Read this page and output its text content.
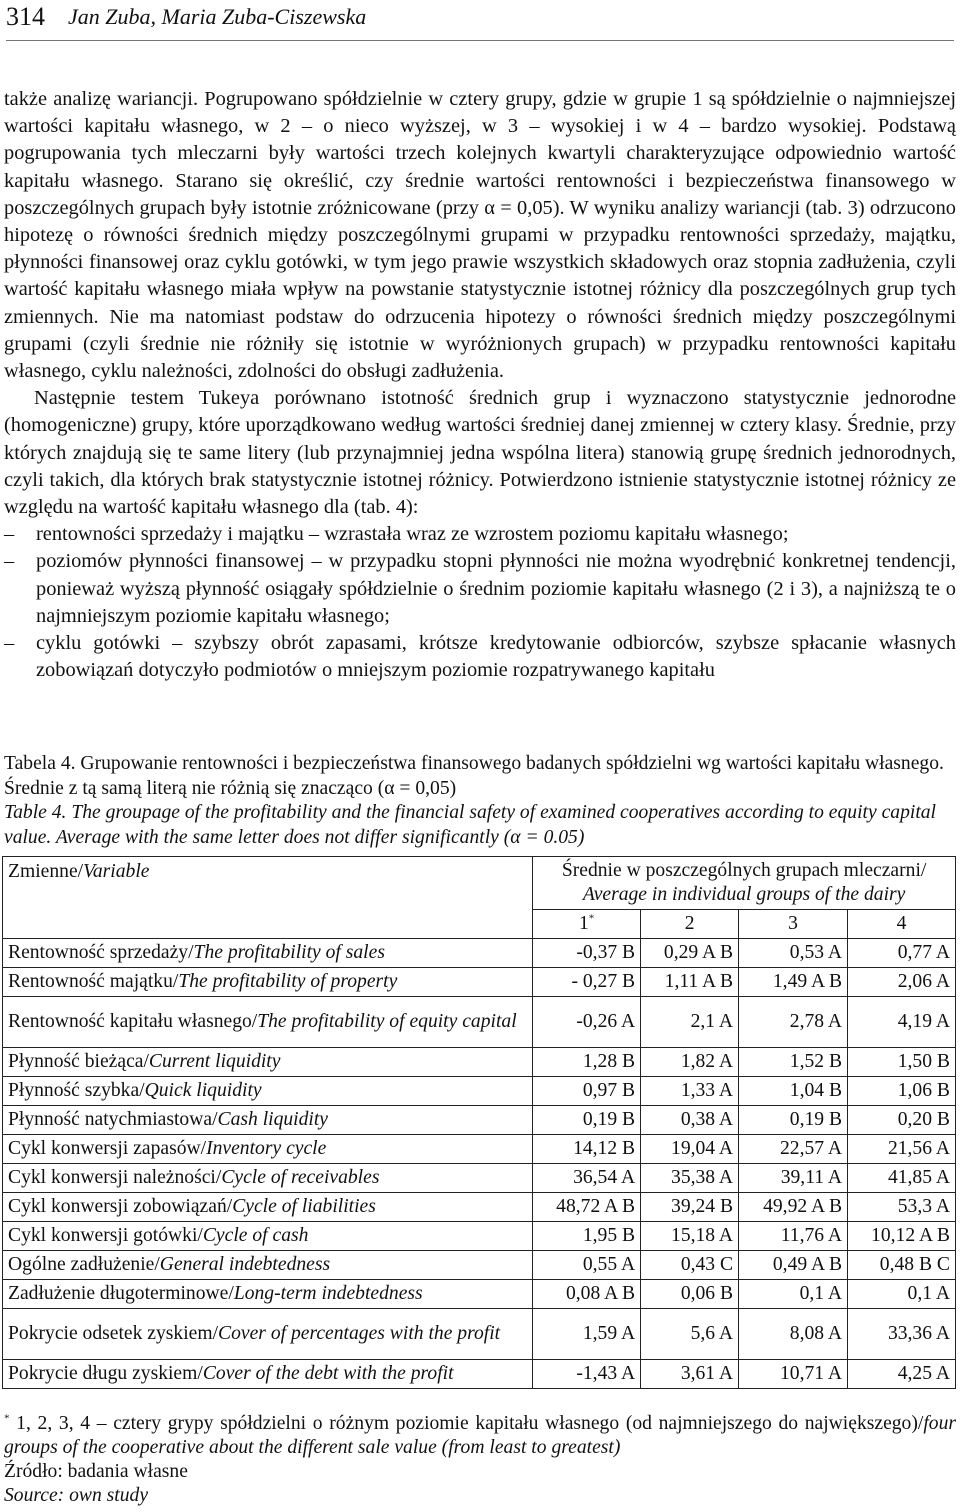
314 Jan Zuba, Maria Zuba-Ciszewska

także analizę wariancji. Pogrupowano spółdzielnie w cztery grupy, gdzie w grupie 1 są spółdzielnie o najmniejszej wartości kapitału własnego, w 2 – o nieco wyższej, w 3 – wysokiej i w 4 – bardzo wysokiej. Podstawą pogrupowania tych mleczarni były wartości trzech kolejnych kwartyli charakteryzujące odpowiednio wartość kapitału własnego. Starano się określić, czy średnie wartości rentowności i bezpieczeństwa finansowego w poszczególnych grupach były istotnie zróżnicowane (przy α = 0,05). W wyniku analizy wariancji (tab. 3) odrzucono hipotezę o równości średnich między poszczególnymi grupami w przypadku rentowności sprzedaży, majątku, płynności finansowej oraz cyklu gotówki, w tym jego prawie wszystkich składowych oraz stopnia zadłużenia, czyli wartość kapitału własnego miała wpływ na powstanie statystycznie istotnej różnicy dla poszczególnych grup tych zmiennych. Nie ma natomiast podstaw do odrzucenia hipotezy o równości średnich między poszczególnymi grupami (czyli średnie nie różniły się istotnie w wyróżnionych grupach) w przypadku rentowności kapitału własnego, cyklu należności, zdolności do obsługi zadłużenia.

Następnie testem Tukeya porównano istotność średnich grup i wyznaczono statystycznie jednorodne (homogeniczne) grupy, które uporządkowano według wartości średniej danej zmiennej w cztery klasy. Średnie, przy których znajdują się te same litery (lub przynajmniej jedna wspólna litera) stanowią grupę średnich jednorodnych, czyli takich, dla których brak statystycznie istotnej różnicy. Potwierdzono istnienie statystycznie istotnej różnicy ze względu na wartość kapitału własnego dla (tab. 4):

– rentowności sprzedaży i majątku – wzrastała wraz ze wzrostem poziomu kapitału własnego;
– poziomów płynności finansowej – w przypadku stopni płynności nie można wyodrębnić konkretnej tendencji, ponieważ wyższą płynność osiągały spółdzielnie o średnim poziomie kapitału własnego (2 i 3), a najniższą te o najmniejszym poziomie kapitału własnego;
– cyklu gotówki – szybszy obrót zapasami, krótsze kredytowanie odbiorców, szybsze spłacanie własnych zobowiązań dotyczyło podmiotów o mniejszym poziomie rozpatrywanego kapitału

Tabela 4. Grupowanie rentowności i bezpieczeństwa finansowego badanych spółdzielni wg wartości kapitału własnego. Średnie z tą samą literą nie różnią się znacząco (α = 0,05)

Table 4. The groupage of the profitability and the financial safety of examined cooperatives according to equity capital value. Average with the same letter does not differ significantly (α = 0.05)

Zmienne/Variable	Średnie w poszczególnych grupach mleczarni/
Average in individual groups of the dairy			
	1*	2	3	4
Rentowność sprzedaży/The profitability of sales	-0,37 B	0,29 A B	0,53 A	0,77 A
Rentowność majątku/The profitability of property	- 0,27 B	1,11 A B	1,49 A B	2,06 A
Rentowność kapitału własnego/The profitability of equity capital	-0,26 A	2,1 A	2,78 A	4,19 A
Płynność bieżąca/Current liquidity	1,28 B	1,82 A	1,52 B	1,50 B
Płynność szybka/Quick liquidity	0,97 B	1,33 A	1,04 B	1,06 B
Płynność natychmiastowa/Cash liquidity	0,19 B	0,38 A	0,19 B	0,20 B
Cykl konwersji zapasów/Inventory cycle	14,12 B	19,04 A	22,57 A	21,56 A
Cykl konwersji należności/Cycle of receivables	36,54 A	35,38 A	39,11 A	41,85 A
Cykl konwersji zobowiązań/Cycle of liabilities	48,72 A B	39,24 B	49,92 A B	53,3 A
Cykl konwersji gotówki/Cycle of cash	1,95 B	15,18 A	11,76 A	10,12 A B
Ogólne zadłużenie/General indebtedness	0,55 A	0,43 C	0,49 A B	0,48 B C
Zadłużenie długoterminowe/Long-term indebtedness	0,08 A B	0,06 B	0,1 A	0,1 A
Pokrycie odsetek zyskiem/Cover of percentages with the profit	1,59 A	5,6 A	8,08 A	33,36 A
Pokrycie długu zyskiem/Cover of the debt with the profit	-1,43 A	3,61 A	10,71 A	4,25 A

* 1, 2, 3, 4 – cztery grypy spółdzielni o różnym poziomie kapitału własnego (od najmniejszego do największego)/four groups of the cooperative about the different sale value (from least to greatest)

Źródło: badania własne

Source: own study
